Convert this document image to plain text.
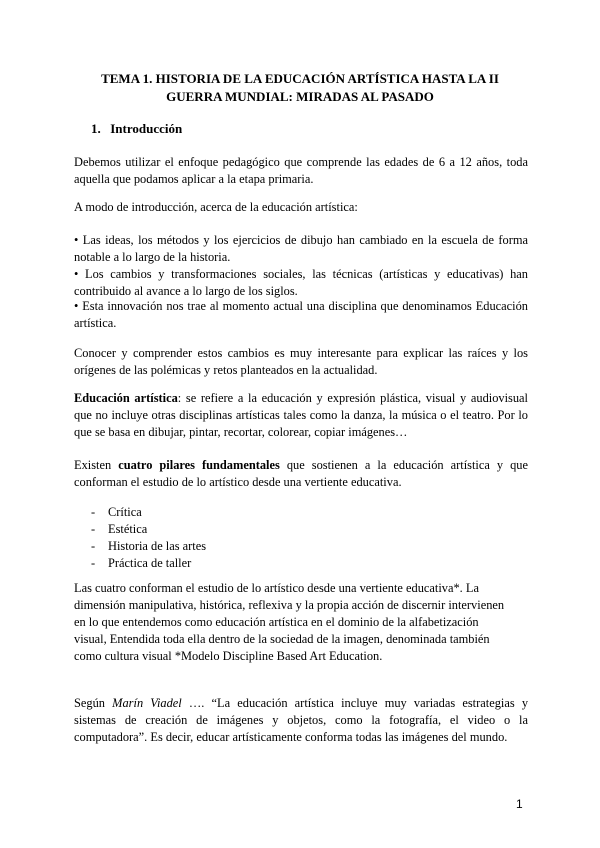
TEMA 1. HISTORIA DE LA EDUCACIÓN ARTÍSTICA HASTA LA II GUERRA MUNDIAL: MIRADAS AL PASADO
1. Introducción
Debemos utilizar el enfoque pedagógico que comprende las edades de 6 a 12 años, toda aquella que podamos aplicar a la etapa primaria.
A modo de introducción, acerca de la educación artística:
• Las ideas, los métodos y los ejercicios de dibujo han cambiado en la escuela de forma notable a lo largo de la historia.
• Los cambios y transformaciones sociales, las técnicas (artísticas y educativas) han contribuido al avance a lo largo de los siglos.
• Esta innovación nos trae al momento actual una disciplina que denominamos Educación artística.
Conocer y comprender estos cambios es muy interesante para explicar las raíces y los orígenes de las polémicas y retos planteados en la actualidad.
Educación artística: se refiere a la educación y expresión plástica, visual y audiovisual que no incluye otras disciplinas artísticas tales como la danza, la música o el teatro. Por lo que se basa en dibujar, pintar, recortar, colorear, copiar imágenes…
Existen cuatro pilares fundamentales que sostienen a la educación artística y que conforman el estudio de lo artístico desde una vertiente educativa.
-	Crítica
-	Estética
-	Historia de las artes
-	Práctica de taller
Las cuatro conforman el estudio de lo artístico desde una vertiente educativa*. La
dimensión manipulativa, histórica, reflexiva y la propia acción de discernir intervienen
en lo que entendemos como educación artística en el dominio de la alfabetización
visual, Entendida toda ella dentro de la sociedad de la imagen, denominada también
como cultura visual *Modelo Discipline Based Art Education.
Según Marín Viadel …. “La educación artística incluye muy variadas estrategias y sistemas de creación de imágenes y objetos, como la fotografía, el video o la computadora”. Es decir, educar artísticamente conforma todas las imágenes del mundo.
1
